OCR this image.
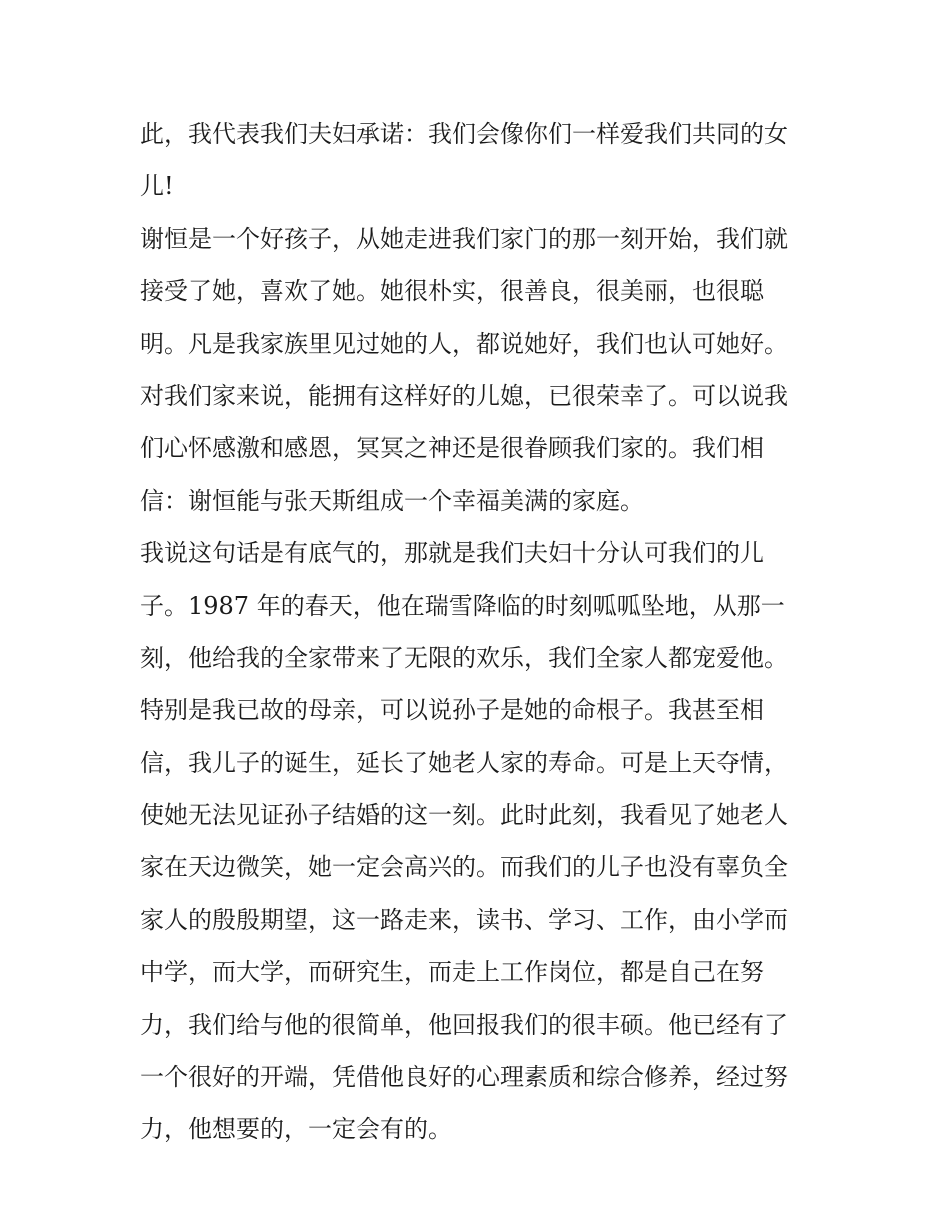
此，我代表我们夫妇承诺：我们会像你们一样爱我们共同的女
儿!
谢恒是一个好孩子，从她走进我们家门的那一刻开始，我们就
接受了她，喜欢了她。她很朴实，很善良，很美丽，也很聪
明。凡是我家族里见过她的人，都说她好，我们也认可她好。
对我们家来说，能拥有这样好的儿媳，已很荣幸了。可以说我
们心怀感激和感恩，冥冥之神还是很眷顾我们家的。我们相
信：谢恒能与张天斯组成一个幸福美满的家庭。
我说这句话是有底气的，那就是我们夫妇十分认可我们的儿
子。1987 年的春天，他在瑞雪降临的时刻呱呱坠地，从那一
刻，他给我的全家带来了无限的欢乐，我们全家人都宠爱他。
特别是我已故的母亲，可以说孙子是她的命根子。我甚至相
信，我儿子的诞生，延长了她老人家的寿命。可是上天夺情，
使她无法见证孙子结婚的这一刻。此时此刻，我看见了她老人
家在天边微笑，她一定会高兴的。而我们的儿子也没有辜负全
家人的殷殷期望，这一路走来，读书、学习、工作，由小学而
中学，而大学，而研究生，而走上工作岗位，都是自己在努
力，我们给与他的很简单，他回报我们的很丰硕。他已经有了
一个很好的开端，凭借他良好的心理素质和综合修养，经过努
力，他想要的，一定会有的。
